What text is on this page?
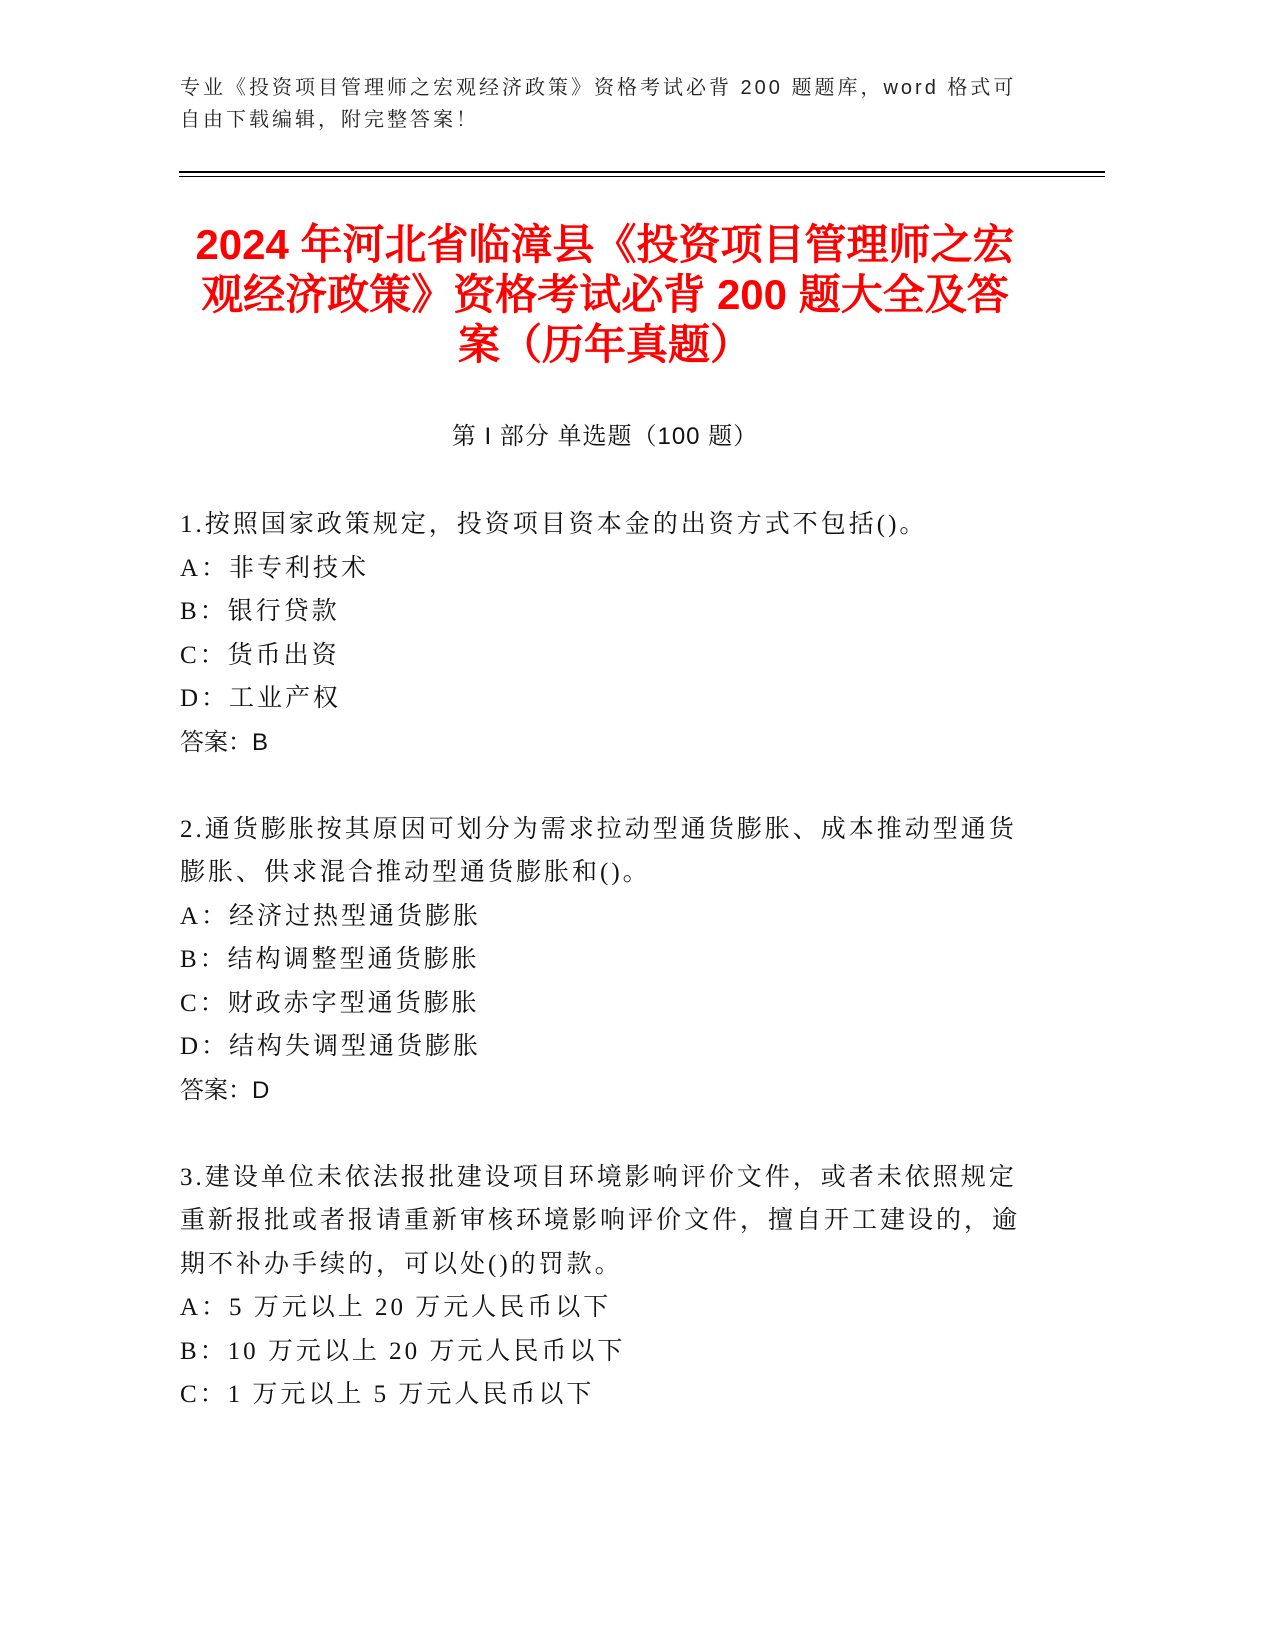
专业《投资项目管理师之宏观经济政策》资格考试必背 200 题题库，word 格式可
自由下载编辑，附完整答案！
2024 年河北省临漳县《投资项目管理师之宏
观经济政策》资格考试必背 200 题大全及答
案（历年真题）
第 I 部分 单选题（100 题）
1.按照国家政策规定，投资项目资本金的出资方式不包括()。
A：非专利技术
B：银行贷款
C：货币出资
D：工业产权
答案：B
2.通货膨胀按其原因可划分为需求拉动型通货膨胀、成本推动型通货
膨胀、供求混合推动型通货膨胀和()。
A：经济过热型通货膨胀
B：结构调整型通货膨胀
C：财政赤字型通货膨胀
D：结构失调型通货膨胀
答案：D
3.建设单位未依法报批建设项目环境影响评价文件，或者未依照规定
重新报批或者报请重新审核环境影响评价文件，擅自开工建设的，逾
期不补办手续的，可以处()的罚款。
A：5 万元以上 20 万元人民币以下
B：10 万元以上 20 万元人民币以下
C：1 万元以上 5 万元人民币以下
